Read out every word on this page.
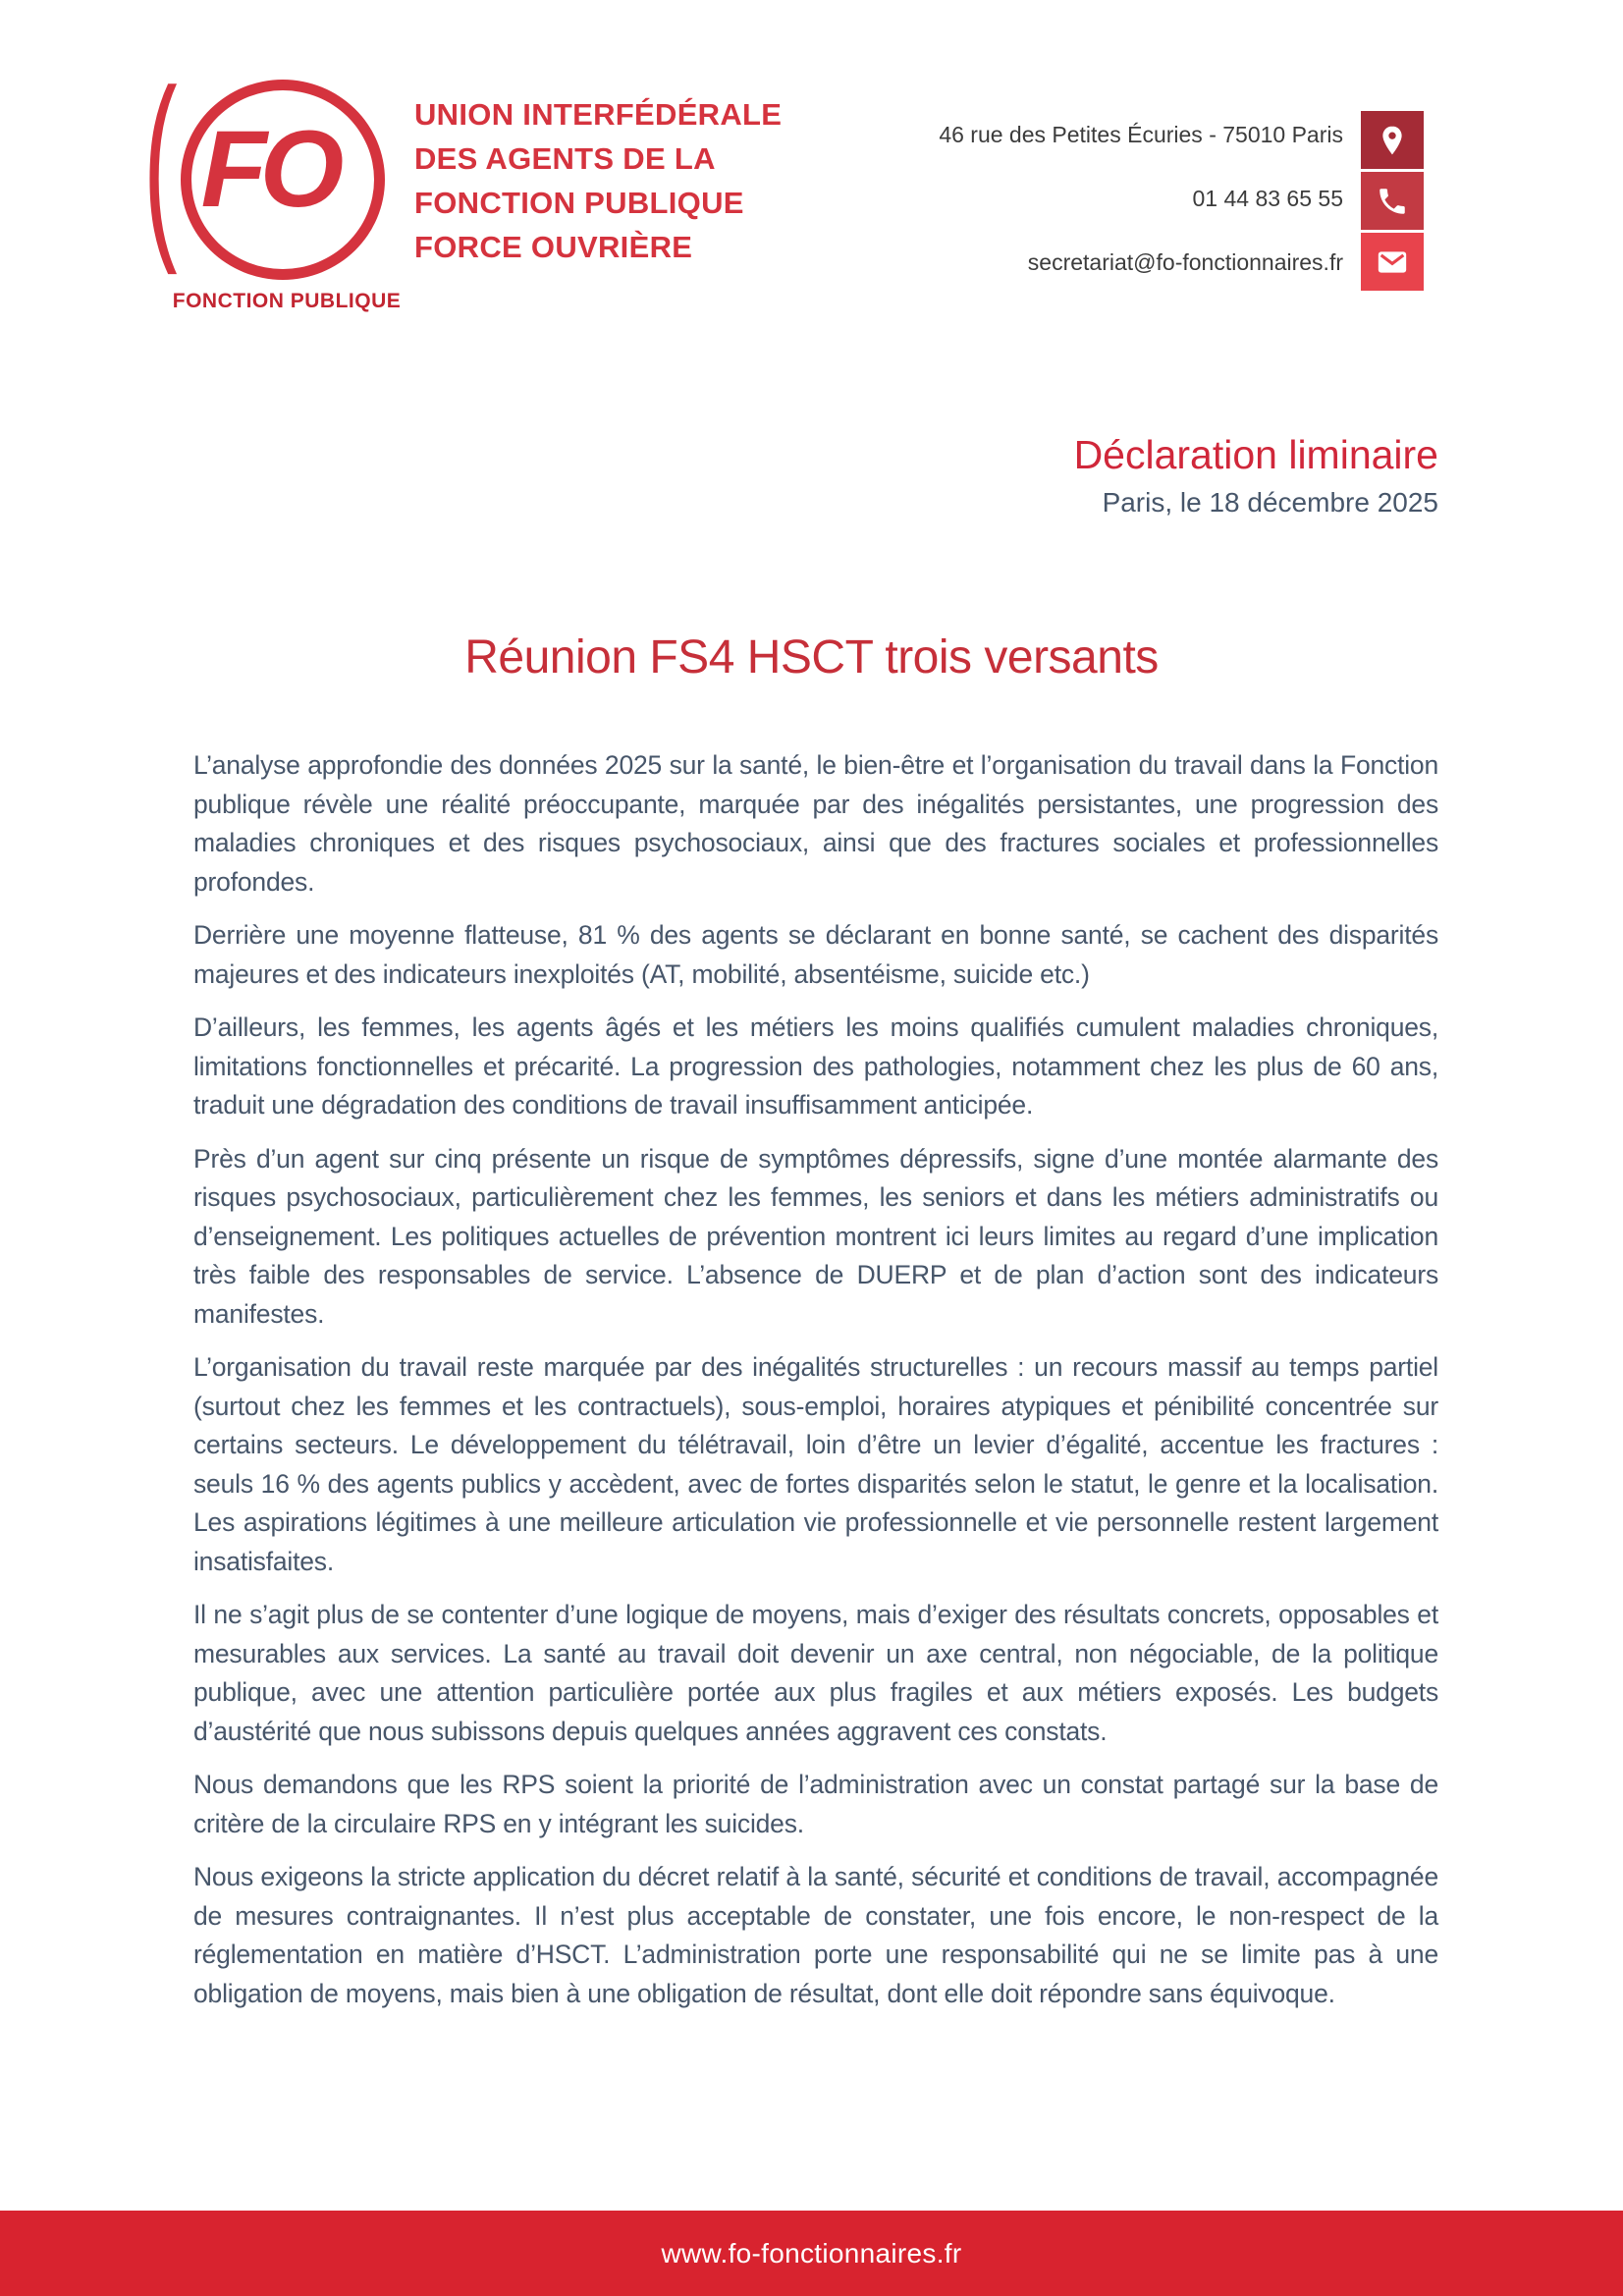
( FO
FONCTION PUBLIQUE
UNION INTERFÉDÉRALE
DES AGENTS DE LA
FONCTION PUBLIQUE
FORCE OUVRIÈRE
46 rue des Petites Écuries - 75010 Paris
01 44 83 65 55
secretariat@fo-fonctionnaires.fr
Déclaration liminaire
Paris, le 18 décembre 2025
Réunion FS4 HSCT trois versants

L’analyse approfondie des données 2025 sur la santé, le bien-être et l’organisation du travail dans la Fonction publique révèle une réalité préoccupante, marquée par des inégalités persistantes, une progression des maladies chroniques et des risques psychosociaux, ainsi que des fractures sociales et professionnelles profondes.

Derrière une moyenne flatteuse, 81 % des agents se déclarant en bonne santé, se cachent des disparités majeures et des indicateurs inexploités (AT, mobilité, absentéisme, suicide etc.)

D’ailleurs, les femmes, les agents âgés et les métiers les moins qualifiés cumulent maladies chroniques, limitations fonctionnelles et précarité. La progression des pathologies, notamment chez les plus de 60 ans, traduit une dégradation des conditions de travail insuffisamment anticipée.

Près d’un agent sur cinq présente un risque de symptômes dépressifs, signe d’une montée alarmante des risques psychosociaux, particulièrement chez les femmes, les seniors et dans les métiers administratifs ou d’enseignement. Les politiques actuelles de prévention montrent ici leurs limites au regard d’une implication très faible des responsables de service. L’absence de DUERP et de plan d’action sont des indicateurs manifestes.

L’organisation du travail reste marquée par des inégalités structurelles : un recours massif au temps partiel (surtout chez les femmes et les contractuels), sous-emploi, horaires atypiques et pénibilité concentrée sur certains secteurs. Le développement du télétravail, loin d’être un levier d’égalité, accentue les fractures : seuls 16 % des agents publics y accèdent, avec de fortes disparités selon le statut, le genre et la localisation. Les aspirations légitimes à une meilleure articulation vie professionnelle et vie personnelle restent largement insatisfaites.

Il ne s’agit plus de se contenter d’une logique de moyens, mais d’exiger des résultats concrets, opposables et mesurables aux services. La santé au travail doit devenir un axe central, non négociable, de la politique publique, avec une attention particulière portée aux plus fragiles et aux métiers exposés. Les budgets d’austérité que nous subissons depuis quelques années aggravent ces constats.

Nous demandons que les RPS soient la priorité de l’administration avec un constat partagé sur la base de critère de la circulaire RPS en y intégrant les suicides.

Nous exigeons la stricte application du décret relatif à la santé, sécurité et conditions de travail, accompagnée de mesures contraignantes. Il n’est plus acceptable de constater, une fois encore, le non-respect de la réglementation en matière d’HSCT. L’administration porte une responsabilité qui ne se limite pas à une obligation de moyens, mais bien à une obligation de résultat, dont elle doit répondre sans équivoque.

www.fo-fonctionnaires.fr
